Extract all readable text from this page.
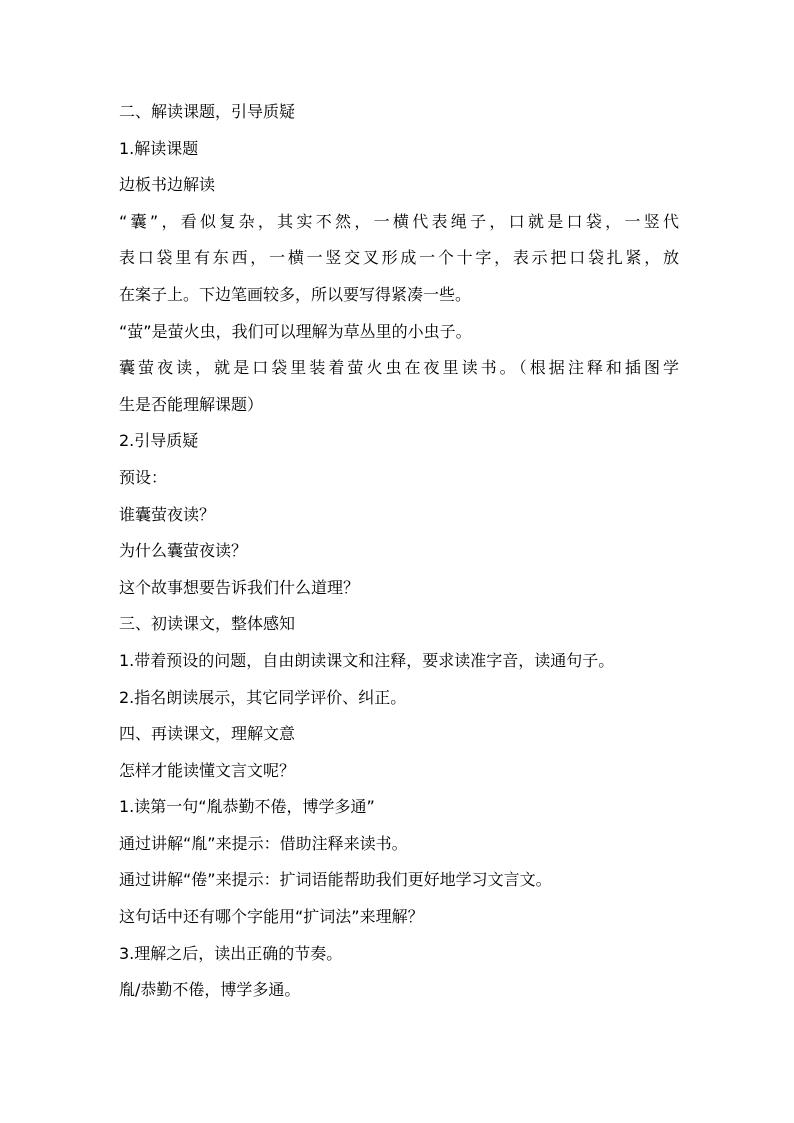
二、解读课题，引导质疑
1.解读课题
边板书边解读
“囊”，看似复杂，其实不然，一横代表绳子，口就是口袋，一竖代
表口袋里有东西，一横一竖交叉形成一个十字，表示把口袋扎紧，放
在案子上。下边笔画较多，所以要写得紧凑一些。
“萤”是萤火虫，我们可以理解为草丛里的小虫子。
囊萤夜读，就是口袋里装着萤火虫在夜里读书。（根据注释和插图学
生是否能理解课题）
2.引导质疑
预设：
谁囊萤夜读？
为什么囊萤夜读？
这个故事想要告诉我们什么道理？
三、初读课文，整体感知
1.带着预设的问题，自由朗读课文和注释，要求读准字音，读通句子。
2.指名朗读展示，其它同学评价、纠正。
四、再读课文，理解文意
怎样才能读懂文言文呢？
1.读第一句“胤恭勤不倦，博学多通”
通过讲解“胤”来提示：借助注释来读书。
通过讲解“倦”来提示：扩词语能帮助我们更好地学习文言文。
这句话中还有哪个字能用“扩词法”来理解？
3.理解之后，读出正确的节奏。
胤/恭勤不倦，博学多通。
